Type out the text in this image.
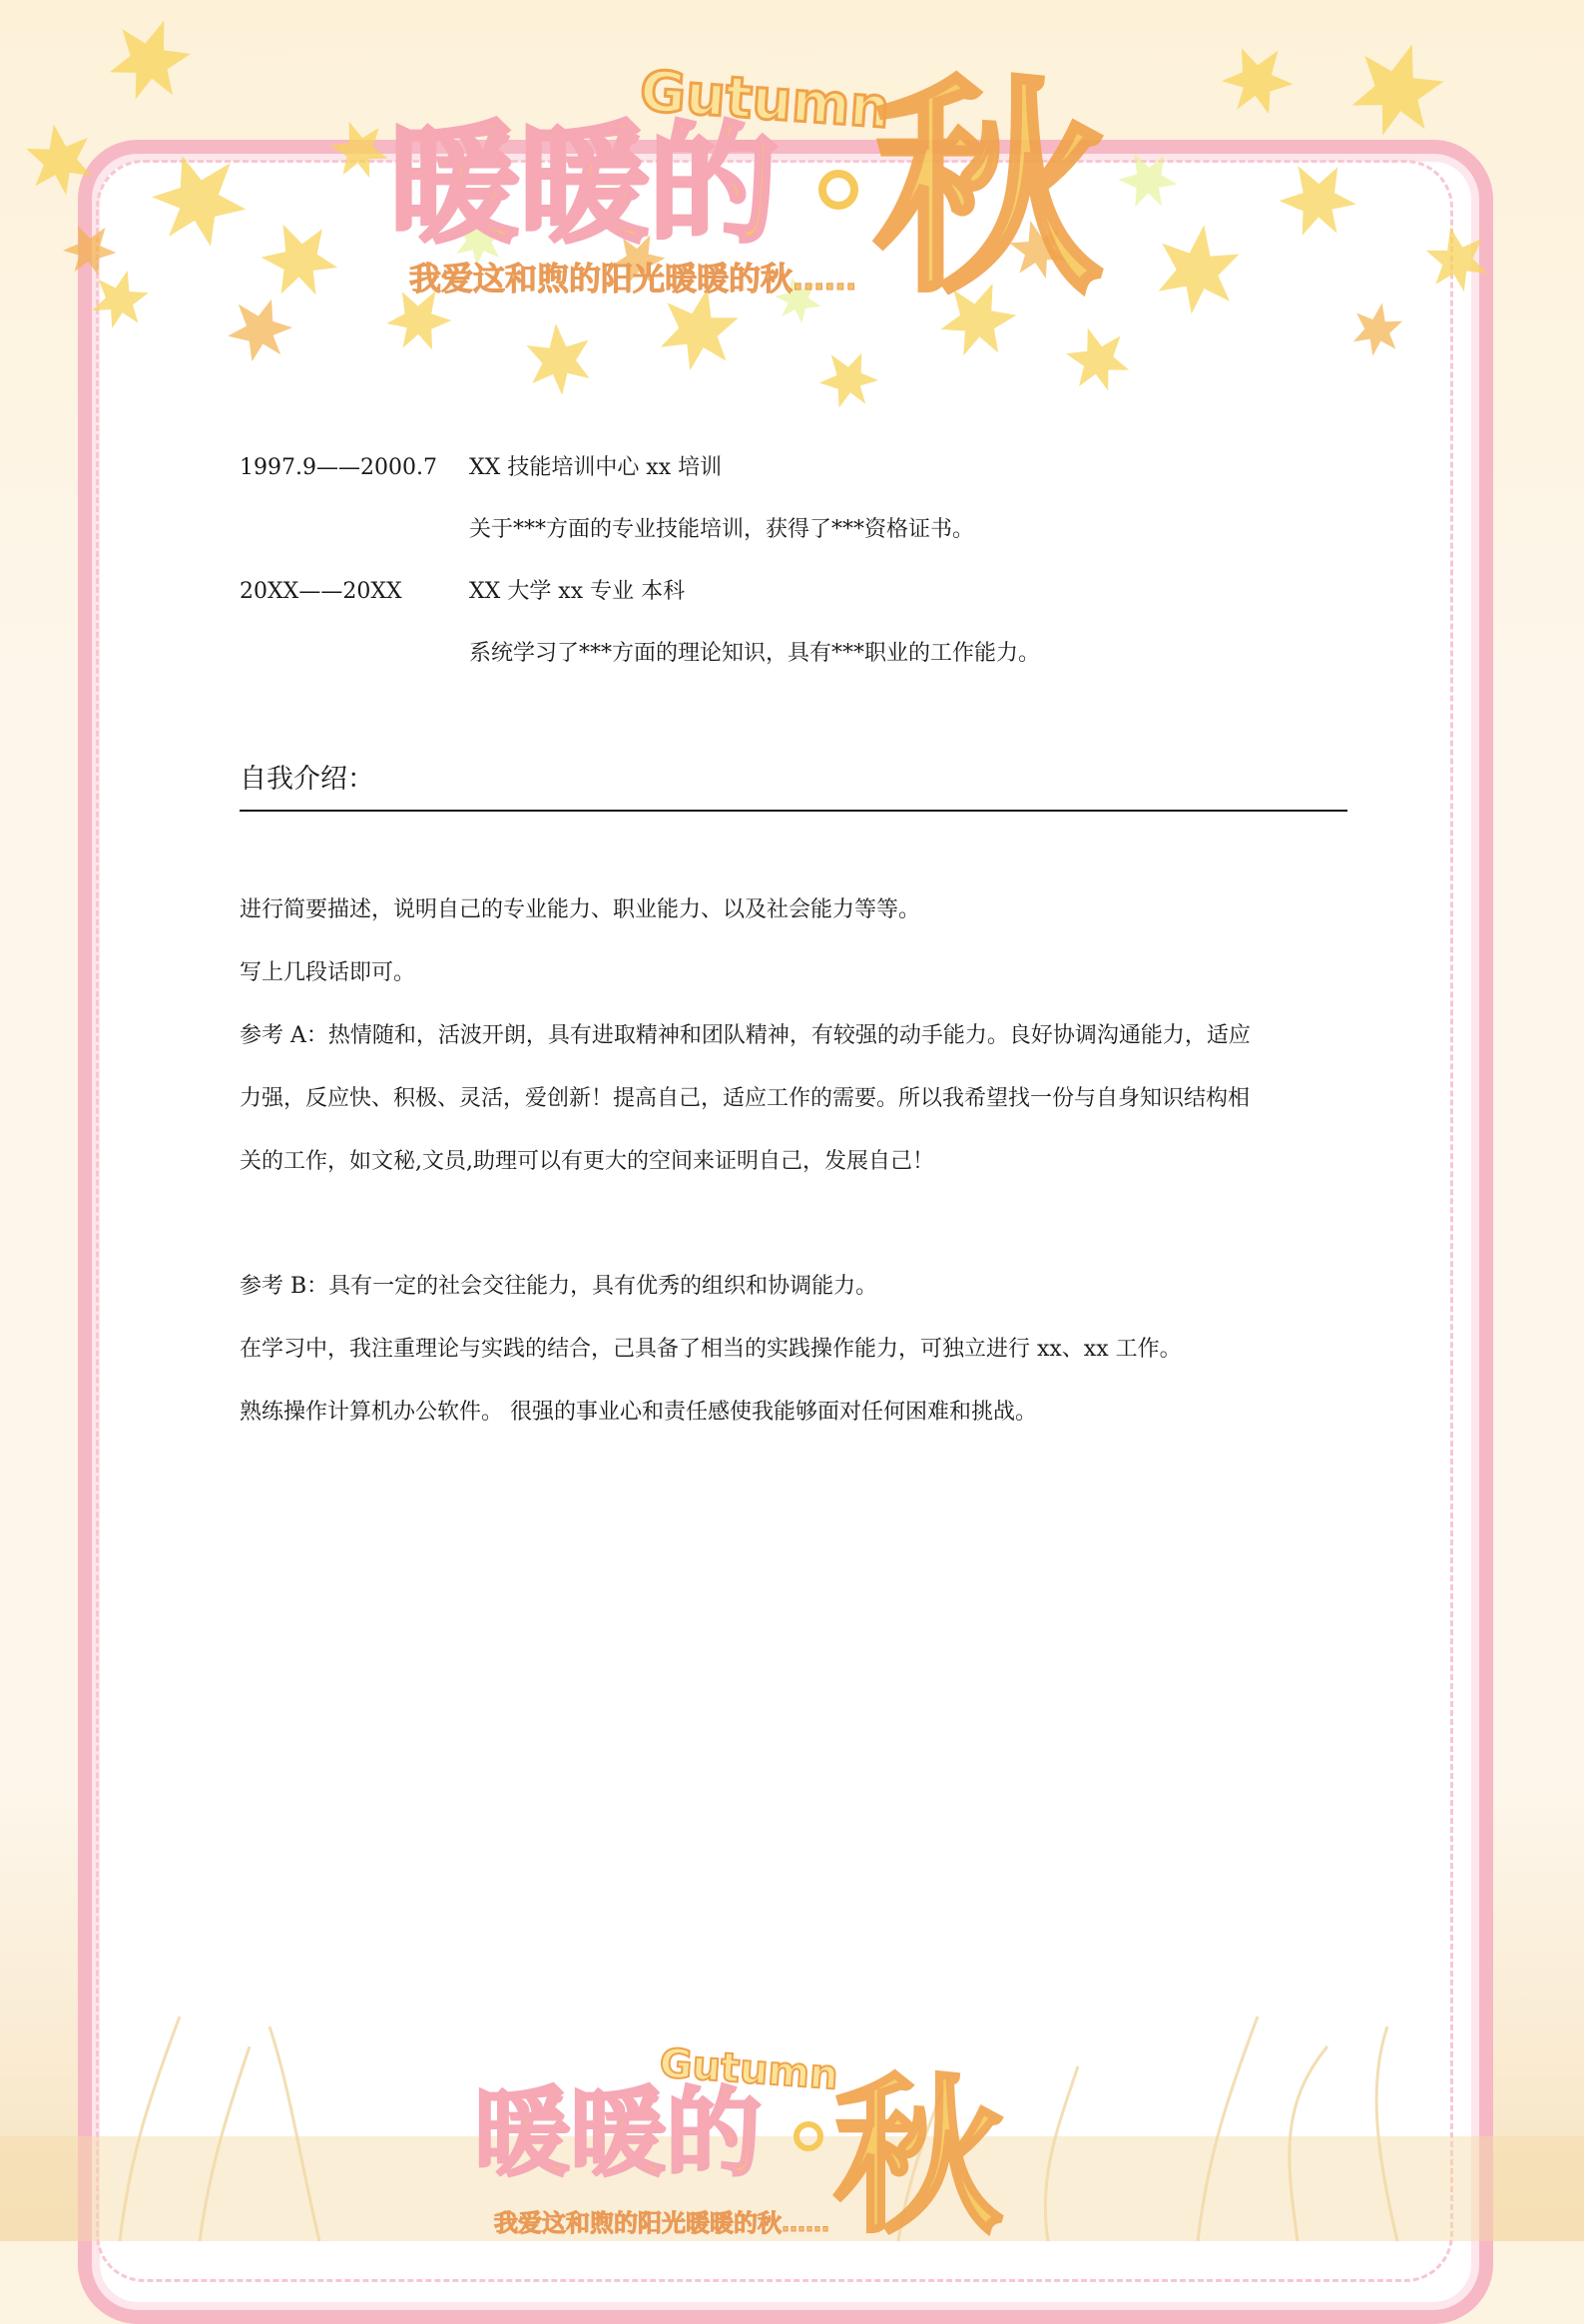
Gutumn
暖暖的 秋
我爱这和煦的阳光暖暖的秋……
Gutumn
暖暖的 秋
我爱这和煦的阳光暖暖的秋……
1997.9——2000.7 XX 技能培训中心 xx 培训
关于***方面的专业技能培训，获得了***资格证书。
20XX——20XX	XX 大学 xx 专业 本科
系统学习了***方面的理论知识，具有***职业的工作能力。
自我介绍：

进行简要描述，说明自己的专业能力、职业能力、以及社会能力等等。

写上几段话即可。

参考 A：热情随和，活波开朗，具有进取精神和团队精神，有较强的动手能力。良好协调沟通能力，适应

力强，反应快、积极、灵活，爱创新！提高自己，适应工作的需要。所以我希望找一份与自身知识结构相

关的工作，如文秘,文员,助理可以有更大的空间来证明自己，发展自己！

参考 B：具有一定的社会交往能力，具有优秀的组织和协调能力。

在学习中，我注重理论与实践的结合，己具备了相当的实践操作能力，可独立进行 xx、xx 工作。

熟练操作计算机办公软件。 很强的事业心和责任感使我能够面对任何困难和挑战。
